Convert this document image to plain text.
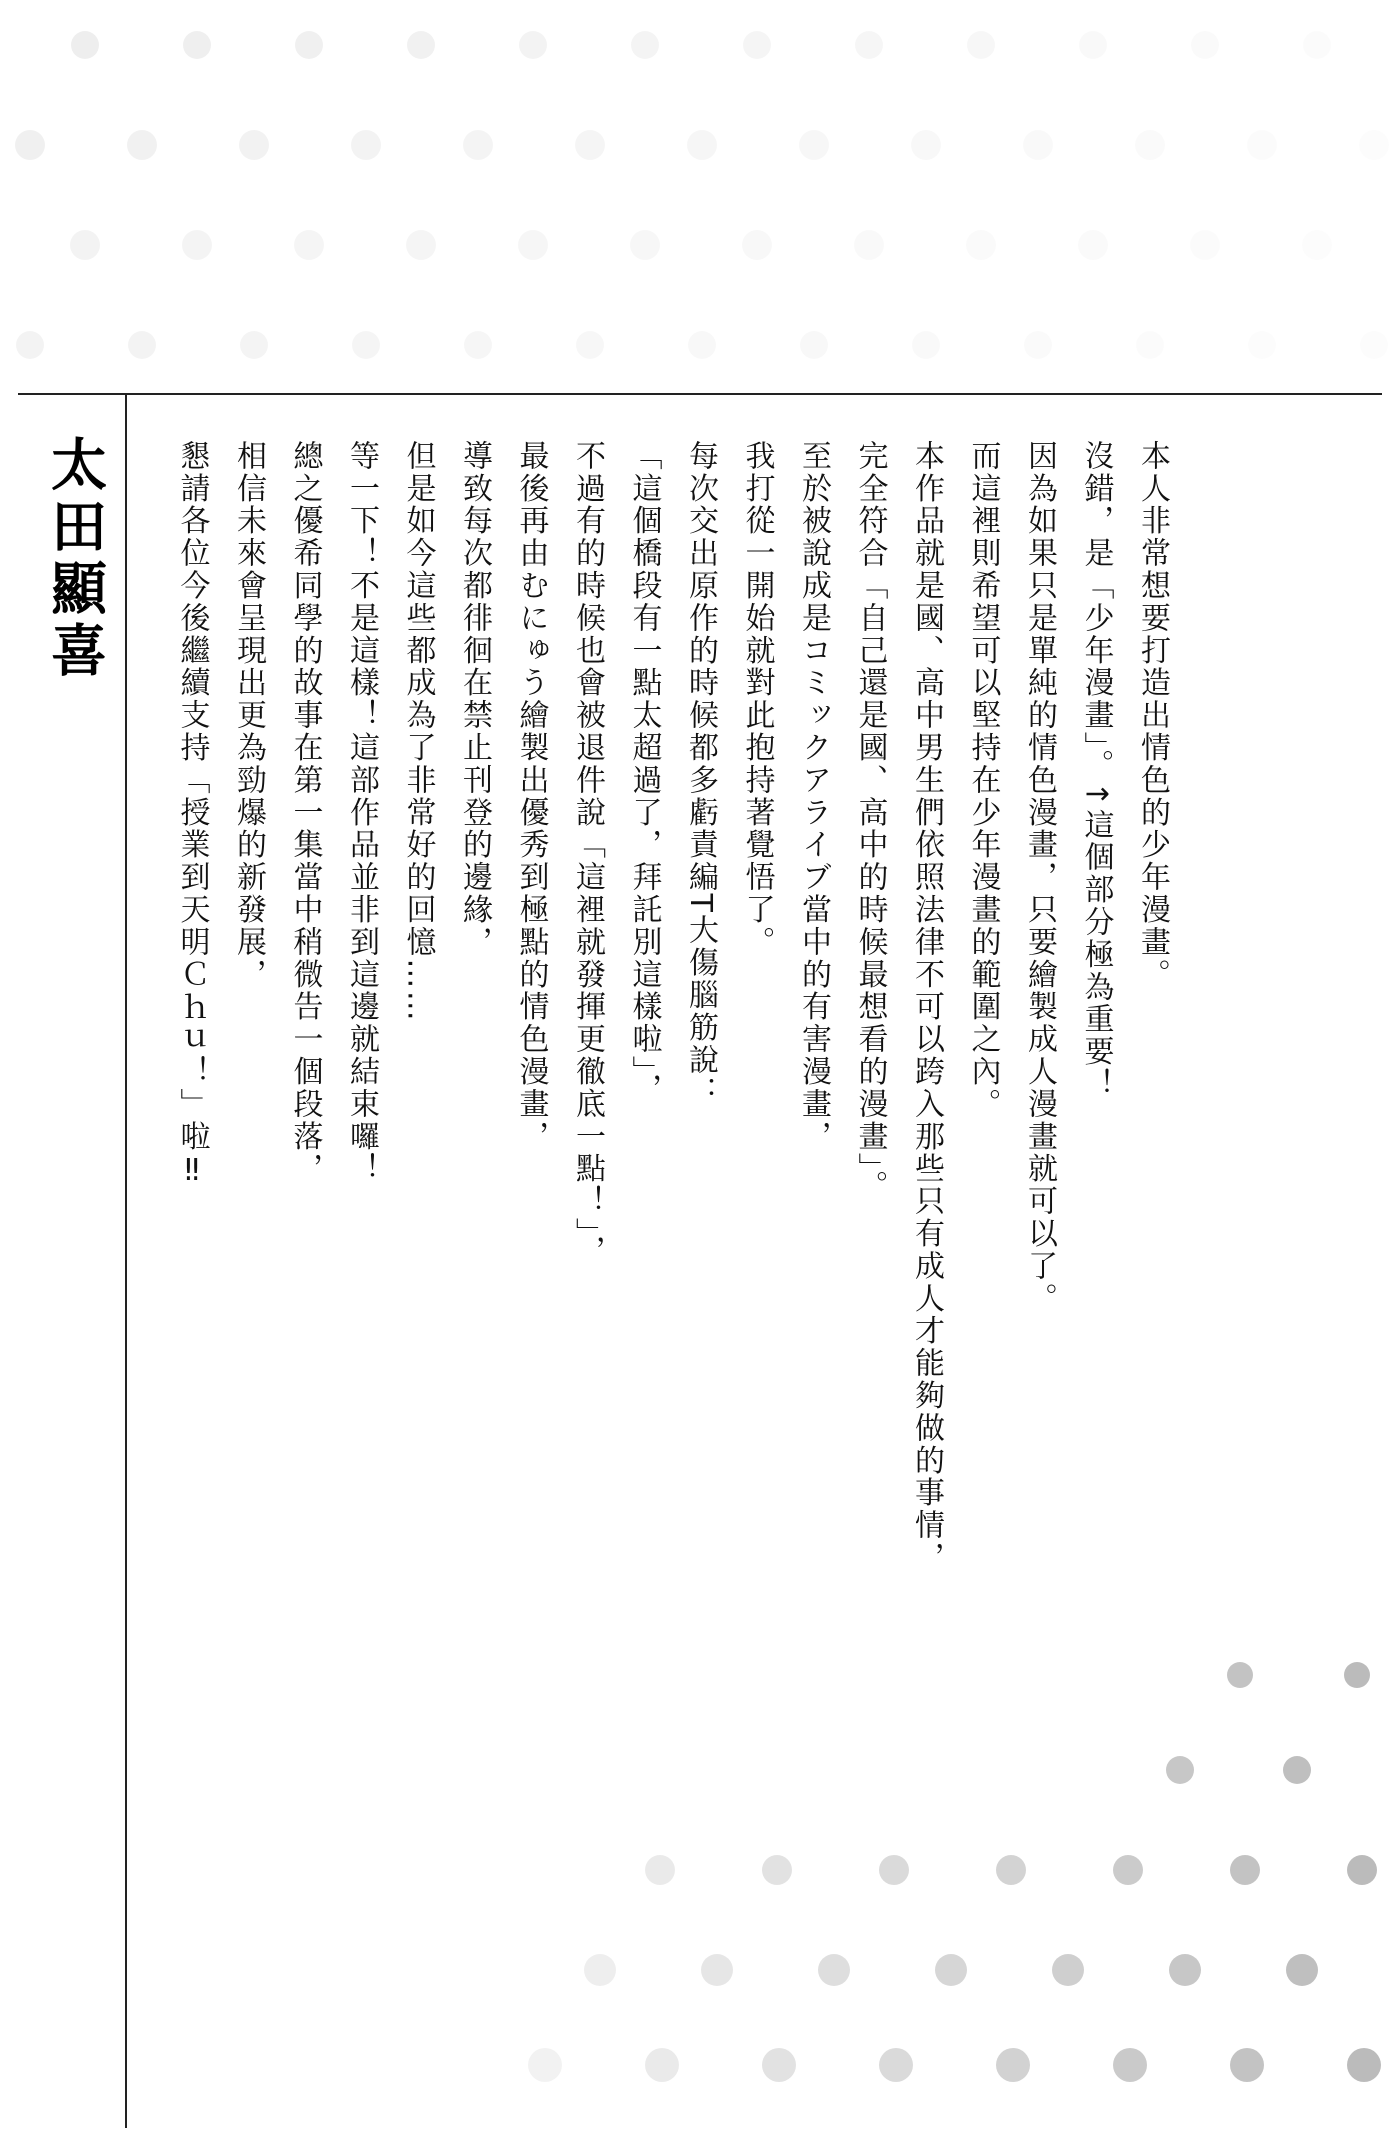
太田顯喜	本人非常想要打造出情色的少年漫畫。

沒錯，是「少年漫畫」。↑這個部分極為重要！

因為如果只是單純的情色漫畫，只要繪製成人漫畫就可以了。

而這裡則希望可以堅持在少年漫畫的範圍之內。

本作品就是國、高中男生們依照法律不可以跨入那些只有成人才能夠做的事情，

完全符合「自己還是國、高中的時候最想看的漫畫」。

至於被說成是コミックアライブ當中的有害漫畫，

我打從一開始就對此抱持著覺悟了。

每次交出原作的時候都多虧責編T大傷腦筋說：

「這個橋段有一點太超過了，拜託別這樣啦」，

不過有的時候也會被退件說「這裡就發揮更徹底一點！」，

最後再由むにゅう繪製出優秀到極點的情色漫畫，

導致每次都徘徊在禁止刊登的邊緣，

但是如今這些都成為了非常好的回憶……

等一下！不是這樣！這部作品並非到這邊就結束囉！

總之優希同學的故事在第一集當中稍微告一個段落，

相信未來會呈現出更為勁爆的新發展，

懇請各位今後繼續支持「授業到天明Ｃｈｕ！」啦‼
